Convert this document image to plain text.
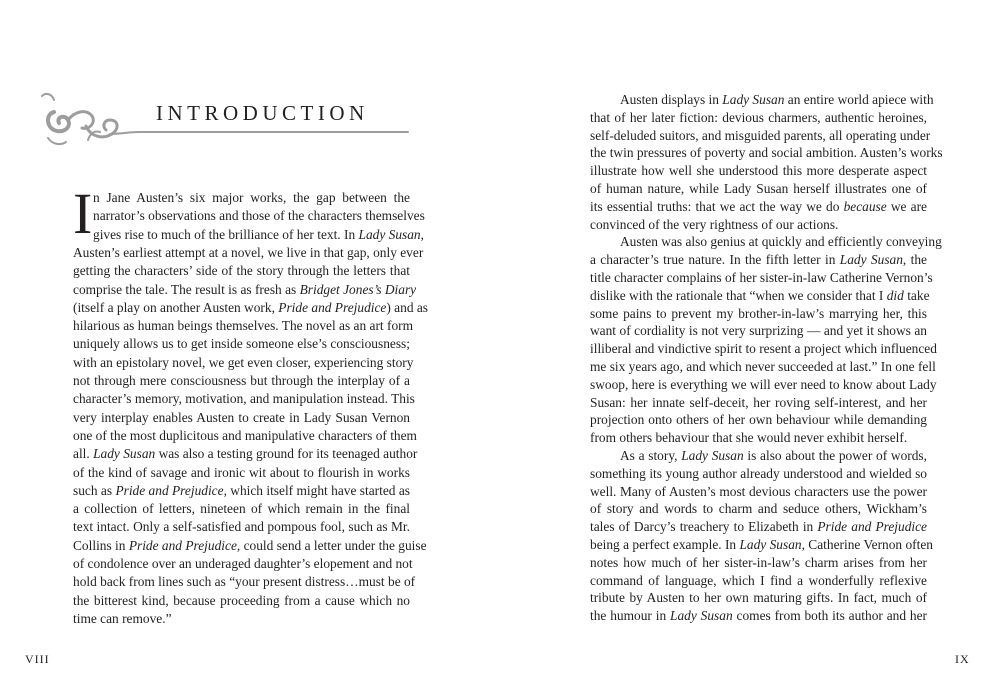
INTRODUCTION
I n Jane Austen’s six major works, the gap between the
narrator’s observations and those of the characters themselves
gives rise to much of the brilliance of her text. In Lady Susan,
Austen’s earliest attempt at a novel, we live in that gap, only ever
getting the characters’ side of the story through the letters that
comprise the tale. The result is as fresh as Bridget Jones’s Diary
(itself a play on another Austen work, Pride and Prejudice) and as
hilarious as human beings themselves. The novel as an art form
uniquely allows us to get inside someone else’s consciousness;
with an epistolary novel, we get even closer, experiencing story
not through mere consciousness but through the interplay of a
character’s memory, motivation, and manipulation instead. This
very interplay enables Austen to create in Lady Susan Vernon
one of the most duplicitous and manipulative characters of them
all. Lady Susan was also a testing ground for its teenaged author
of the kind of savage and ironic wit about to flourish in works
such as Pride and Prejudice, which itself might have started as
a collection of letters, nineteen of which remain in the final
text intact. Only a self-satisfied and pompous fool, such as Mr.
Collins in Pride and Prejudice, could send a letter under the guise
of condolence over an underaged daughter’s elopement and not
hold back from lines such as “your present distress…must be of
the bitterest kind, because proceeding from a cause which no
time can remove.”
Austen displays in Lady Susan an entire world apiece with
that of her later fiction: devious charmers, authentic heroines,
self-deluded suitors, and misguided parents, all operating under
the twin pressures of poverty and social ambition. Austen’s works
illustrate how well she understood this more desperate aspect
of human nature, while Lady Susan herself illustrates one of
its essential truths: that we act the way we do because we are
convinced of the very rightness of our actions.
Austen was also genius at quickly and efficiently conveying
a character’s true nature. In the fifth letter in Lady Susan, the
title character complains of her sister-in-law Catherine Vernon’s
dislike with the rationale that “when we consider that I did take
some pains to prevent my brother-in-law’s marrying her, this
want of cordiality is not very surprizing — and yet it shows an
illiberal and vindictive spirit to resent a project which influenced
me six years ago, and which never succeeded at last.” In one fell
swoop, here is everything we will ever need to know about Lady
Susan: her innate self-deceit, her roving self-interest, and her
projection onto others of her own behaviour while demanding
from others behaviour that she would never exhibit herself.
As a story, Lady Susan is also about the power of words,
something its young author already understood and wielded so
well. Many of Austen’s most devious characters use the power
of story and words to charm and seduce others, Wickham’s
tales of Darcy’s treachery to Elizabeth in Pride and Prejudice
being a perfect example. In Lady Susan, Catherine Vernon often
notes how much of her sister-in-law’s charm arises from her
command of language, which I find a wonderfully reflexive
tribute by Austen to her own maturing gifts. In fact, much of
the humour in Lady Susan comes from both its author and her
VIII	IX
